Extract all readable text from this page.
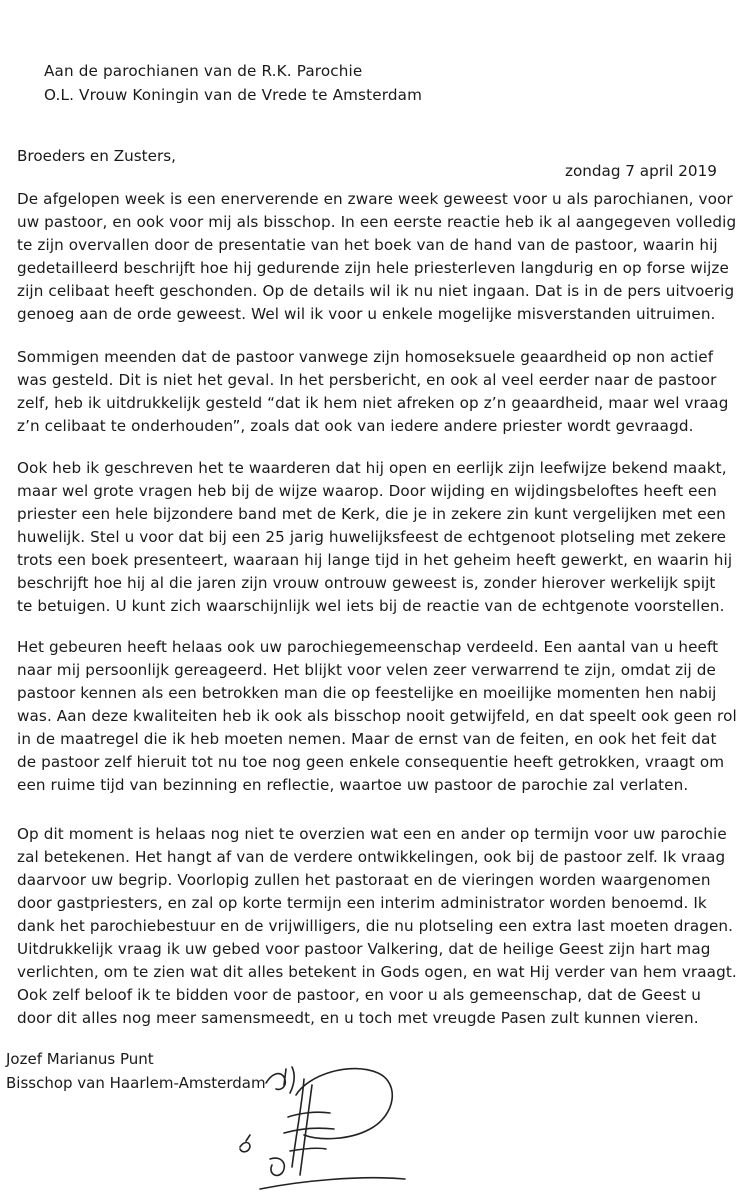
Aan de parochianen van de R.K. Parochie
O.L. Vrouw Koningin van de Vrede te Amsterdam
Broeders en Zusters,
zondag 7 april 2019
De afgelopen week is een enerverende en zware week geweest voor u als parochianen, voor
uw pastoor, en ook voor mij als bisschop. In een eerste reactie heb ik al aangegeven volledig
te zijn overvallen door de presentatie van het boek van de hand van de pastoor, waarin hij
gedetailleerd beschrijft hoe hij gedurende zijn hele priesterleven langdurig en op forse wijze
zijn celibaat heeft geschonden. Op de details wil ik nu niet ingaan. Dat is in de pers uitvoerig
genoeg aan de orde geweest. Wel wil ik voor u enkele mogelijke misverstanden uitruimen.
Sommigen meenden dat de pastoor vanwege zijn homoseksuele geaardheid op non actief
was gesteld. Dit is niet het geval. In het persbericht, en ook al veel eerder naar de pastoor
zelf, heb ik uitdrukkelijk gesteld “dat ik hem niet afreken op z’n geaardheid, maar wel vraag
z’n celibaat te onderhouden”, zoals dat ook van iedere andere priester wordt gevraagd.
Ook heb ik geschreven het te waarderen dat hij open en eerlijk zijn leefwijze bekend maakt,
maar wel grote vragen heb bij de wijze waarop. Door wijding en wijdingsbeloftes heeft een
priester een hele bijzondere band met de Kerk, die je in zekere zin kunt vergelijken met een
huwelijk. Stel u voor dat bij een 25 jarig huwelijksfeest de echtgenoot plotseling met zekere
trots een boek presenteert, waaraan hij lange tijd in het geheim heeft gewerkt, en waarin hij
beschrijft hoe hij al die jaren zijn vrouw ontrouw geweest is, zonder hierover werkelijk spijt
te betuigen. U kunt zich waarschijnlijk wel iets bij de reactie van de echtgenote voorstellen.
Het gebeuren heeft helaas ook uw parochiegemeenschap verdeeld. Een aantal van u heeft
naar mij persoonlijk gereageerd. Het blijkt voor velen zeer verwarrend te zijn, omdat zij de
pastoor kennen als een betrokken man die op feestelijke en moeilijke momenten hen nabij
was. Aan deze kwaliteiten heb ik ook als bisschop nooit getwijfeld, en dat speelt ook geen rol
in de maatregel die ik heb moeten nemen. Maar de ernst van de feiten, en ook het feit dat
de pastoor zelf hieruit tot nu toe nog geen enkele consequentie heeft getrokken, vraagt om
een ruime tijd van bezinning en reflectie, waartoe uw pastoor de parochie zal verlaten.
Op dit moment is helaas nog niet te overzien wat een en ander op termijn voor uw parochie
zal betekenen. Het hangt af van de verdere ontwikkelingen, ook bij de pastoor zelf. Ik vraag
daarvoor uw begrip. Voorlopig zullen het pastoraat en de vieringen worden waargenomen
door gastpriesters, en zal op korte termijn een interim administrator worden benoemd. Ik
dank het parochiebestuur en de vrijwilligers, die nu plotseling een extra last moeten dragen.
Uitdrukkelijk vraag ik uw gebed voor pastoor Valkering, dat de heilige Geest zijn hart mag
verlichten, om te zien wat dit alles betekent in Gods ogen, en wat Hij verder van hem vraagt.
Ook zelf beloof ik te bidden voor de pastoor, en voor u als gemeenschap, dat de Geest u
door dit alles nog meer samensmeedt, en u toch met vreugde Pasen zult kunnen vieren.
Jozef Marianus Punt
Bisschop van Haarlem-Amsterdam
